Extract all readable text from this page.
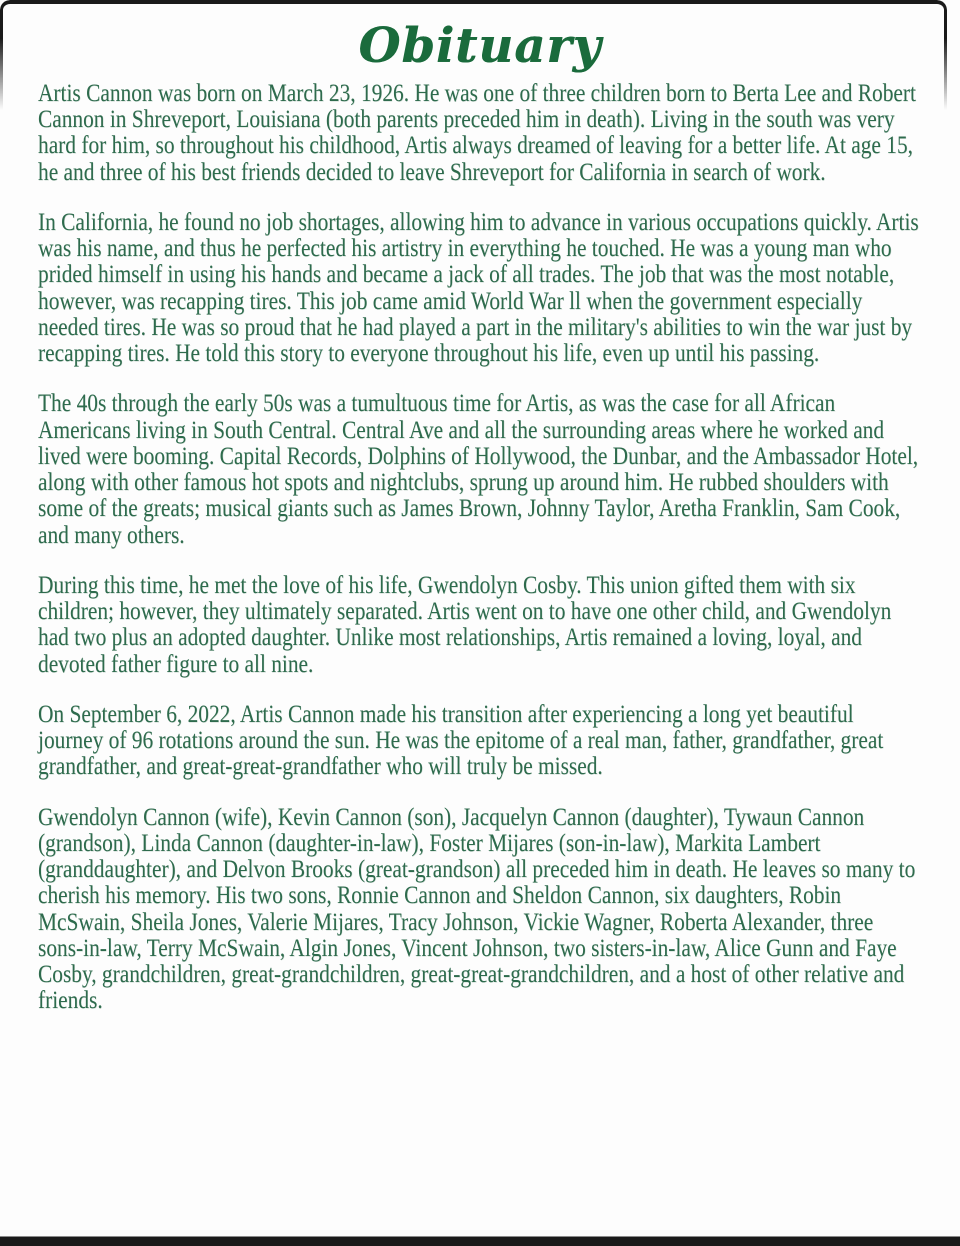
Obituary

Artis Cannon was born on March 23, 1926. He was one of three children born to Berta Lee and Robert Cannon in Shreveport, Louisiana (both parents preceded him in death). Living in the south was very hard for him, so throughout his childhood, Artis always dreamed of leaving for a better life. At age 15, he and three of his best friends decided to leave Shreveport for California in search of work.

In California, he found no job shortages, allowing him to advance in various occupations quickly. Artis was his name, and thus he perfected his artistry in everything he touched. He was a young man who prided himself in using his hands and became a jack of all trades. The job that was the most notable, however, was recapping tires. This job came amid World War ll when the government especially needed tires. He was so proud that he had played a part in the military's abilities to win the war just by recapping tires. He told this story to everyone throughout his life, even up until his passing.

The 40s through the early 50s was a tumultuous time for Artis, as was the case for all African Americans living in South Central. Central Ave and all the surrounding areas where he worked and lived were booming. Capital Records, Dolphins of Hollywood, the Dunbar, and the Ambassador Hotel, along with other famous hot spots and nightclubs, sprung up around him. He rubbed shoulders with some of the greats; musical giants such as James Brown, Johnny Taylor, Aretha Franklin, Sam Cook, and many others.

During this time, he met the love of his life, Gwendolyn Cosby. This union gifted them with six children; however, they ultimately separated. Artis went on to have one other child, and Gwendolyn had two plus an adopted daughter. Unlike most relationships, Artis remained a loving, loyal, and devoted father figure to all nine.

On September 6, 2022, Artis Cannon made his transition after experiencing a long yet beautiful journey of 96 rotations around the sun. He was the epitome of a real man, father, grandfather, great grandfather, and great-great-grandfather who will truly be missed.

Gwendolyn Cannon (wife), Kevin Cannon (son), Jacquelyn Cannon (daughter), Tywaun Cannon (grandson), Linda Cannon (daughter-in-law), Foster Mijares (son-in-law), Markita Lambert (granddaughter), and Delvon Brooks (great-grandson) all preceded him in death. He leaves so many to cherish his memory. His two sons, Ronnie Cannon and Sheldon Cannon, six daughters, Robin McSwain, Sheila Jones, Valerie Mijares, Tracy Johnson, Vickie Wagner, Roberta Alexander, three sons-in-law, Terry McSwain, Algin Jones, Vincent Johnson, two sisters-in-law, Alice Gunn and Faye Cosby, grandchildren, great-grandchildren, great-great-grandchildren, and a host of other relative and friends.
